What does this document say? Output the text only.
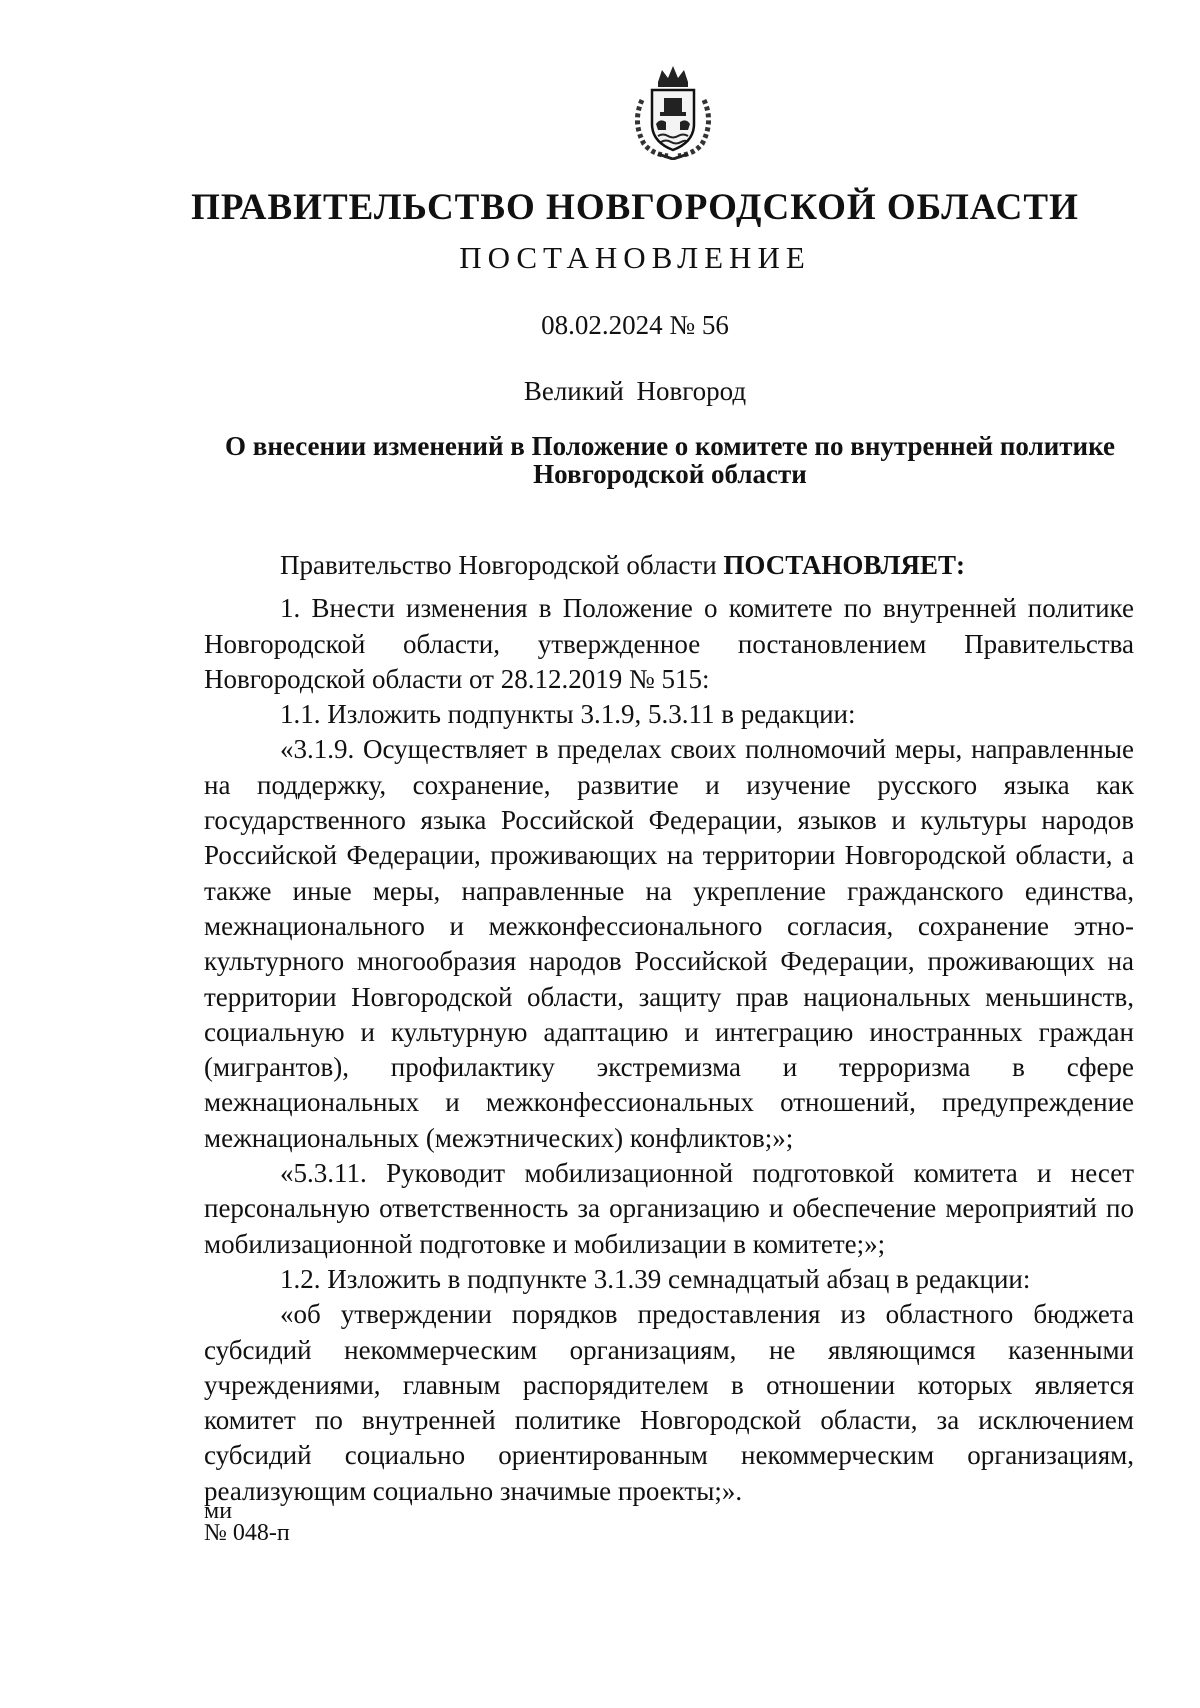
ПРАВИТЕЛЬСТВО НОВГОРОДСКОЙ ОБЛАСТИ
ПОСТАНОВЛЕНИЕ
08.02.2024 № 56
Великий Новгород
О внесении изменений в Положение о комитете по внутренней политике
Новгородской области

Правительство Новгородской области ПОСТАНОВЛЯЕТ:

1. Внести изменения в Положение о комитете по внутренней политике Новгородской области, утвержденное постановлением Правительства Новгородской области от 28.12.2019 № 515:

1.1. Изложить подпункты 3.1.9, 5.3.11 в редакции:

«3.1.9. Осуществляет в пределах своих полномочий меры, направленные на поддержку, сохранение, развитие и изучение русского языка как государственного языка Российской Федерации, языков и культуры народов Российской Федерации, проживающих на территории Новгородской области, а также иные меры, направленные на укрепление гражданского единства, межнационального и межконфессионального согласия, сохранение этно-культурного многообразия народов Российской Федерации, проживающих на территории Новгородской области, защиту прав национальных меньшинств, социальную и культурную адаптацию и интеграцию иностранных граждан (мигрантов), профилактику экстремизма и терроризма в сфере межнациональных и межконфессиональных отношений, предупреждение межнациональных (межэтнических) конфликтов;»;

«5.3.11. Руководит мобилизационной подготовкой комитета и несет персональную ответственность за организацию и обеспечение мероприятий по мобилизационной подготовке и мобилизации в комитете;»;

1.2. Изложить в подпункте 3.1.39 семнадцатый абзац в редакции:

«об утверждении порядков предоставления из областного бюджета субсидий некоммерческим организациям, не являющимся казенными учреждениями, главным распорядителем в отношении которых является комитет по внутренней политике Новгородской области, за исключением субсидий социально ориентированным некоммерческим организациям, реализующим социально значимые проекты;».

ми
№ 048-п
